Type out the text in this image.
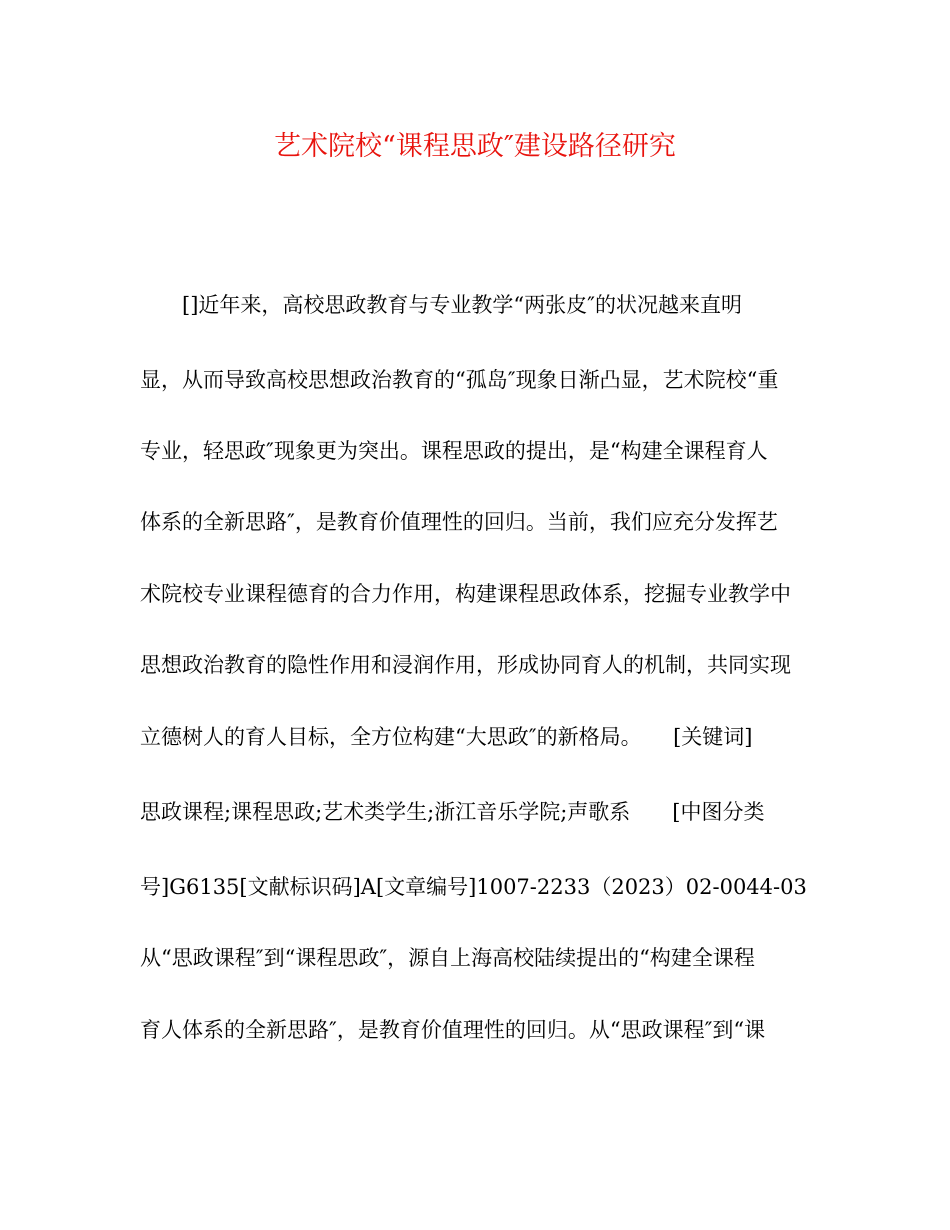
艺术院校“课程思政″建设路径研究

　　[]近年来，高校思政教育与专业教学“两张皮″的状况越来直明

显，从而导致高校思想政治教育的“孤岛″现象日渐凸显，艺术院校“重

专业，轻思政″现象更为突出。课程思政的提出，是“构建全课程育人

体系的全新思路″，是教育价值理性的回归。当前，我们应充分发挥艺

术院校专业课程德育的合力作用，构建课程思政体系，挖掘专业教学中

思想政治教育的隐性作用和浸润作用，形成协同育人的机制，共同实现

立德树人的育人目标，全方位构建“大思政″的新格局。　　[关键词]

思政课程;课程思政;艺术类学生;浙江音乐学院;声歌系　　[中图分类

号]G6135[文献标识码]A[文章编号]1007-2233（2023）02-0044-03

从“思政课程″到“课程思政″，源自上海高校陆续提出的“构建全课程

育人体系的全新思路″，是教育价值理性的回归。从“思政课程″到“课
